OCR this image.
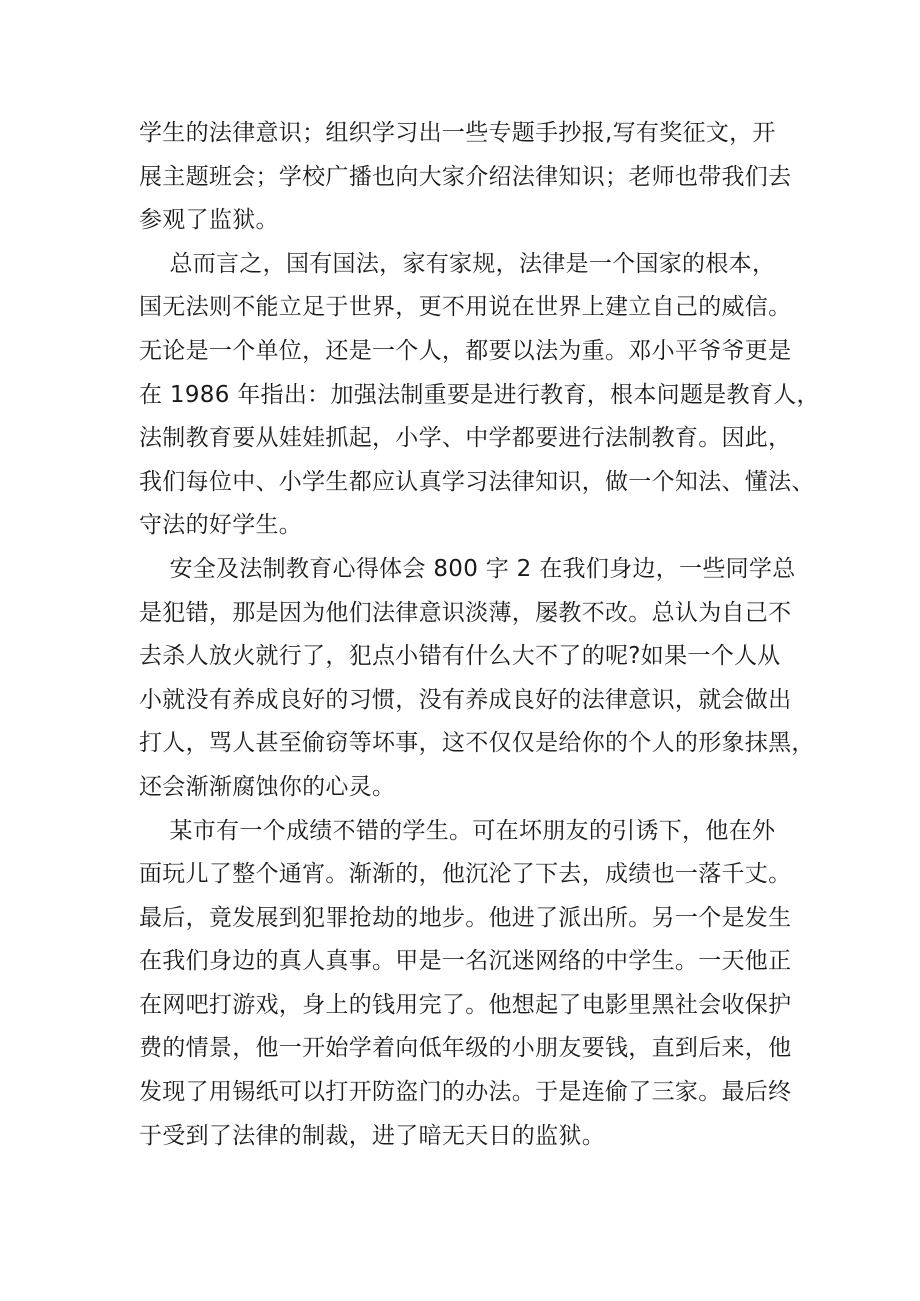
学生的法律意识；组织学习出一些专题手抄报,写有奖征文，开
展主题班会；学校广播也向大家介绍法律知识；老师也带我们去
参观了监狱。
总而言之，国有国法，家有家规，法律是一个国家的根本，
国无法则不能立足于世界，更不用说在世界上建立自己的威信。
无论是一个单位，还是一个人，都要以法为重。邓小平爷爷更是
在 1986 年指出：加强法制重要是进行教育，根本问题是教育人，
法制教育要从娃娃抓起，小学、中学都要进行法制教育。因此，
我们每位中、小学生都应认真学习法律知识，做一个知法、懂法、
守法的好学生。
安全及法制教育心得体会 800 字 2 在我们身边，一些同学总
是犯错，那是因为他们法律意识淡薄，屡教不改。总认为自己不
去杀人放火就行了，犯点小错有什么大不了的呢?如果一个人从
小就没有养成良好的习惯，没有养成良好的法律意识，就会做出
打人，骂人甚至偷窃等坏事，这不仅仅是给你的个人的形象抹黑，
还会渐渐腐蚀你的心灵。
某市有一个成绩不错的学生。可在坏朋友的引诱下，他在外
面玩儿了整个通宵。渐渐的，他沉沦了下去，成绩也一落千丈。
最后，竟发展到犯罪抢劫的地步。他进了派出所。另一个是发生
在我们身边的真人真事。甲是一名沉迷网络的中学生。一天他正
在网吧打游戏，身上的钱用完了。他想起了电影里黑社会收保护
费的情景，他一开始学着向低年级的小朋友要钱，直到后来，他
发现了用锡纸可以打开防盗门的办法。于是连偷了三家。最后终
于受到了法律的制裁，进了暗无天日的监狱。
